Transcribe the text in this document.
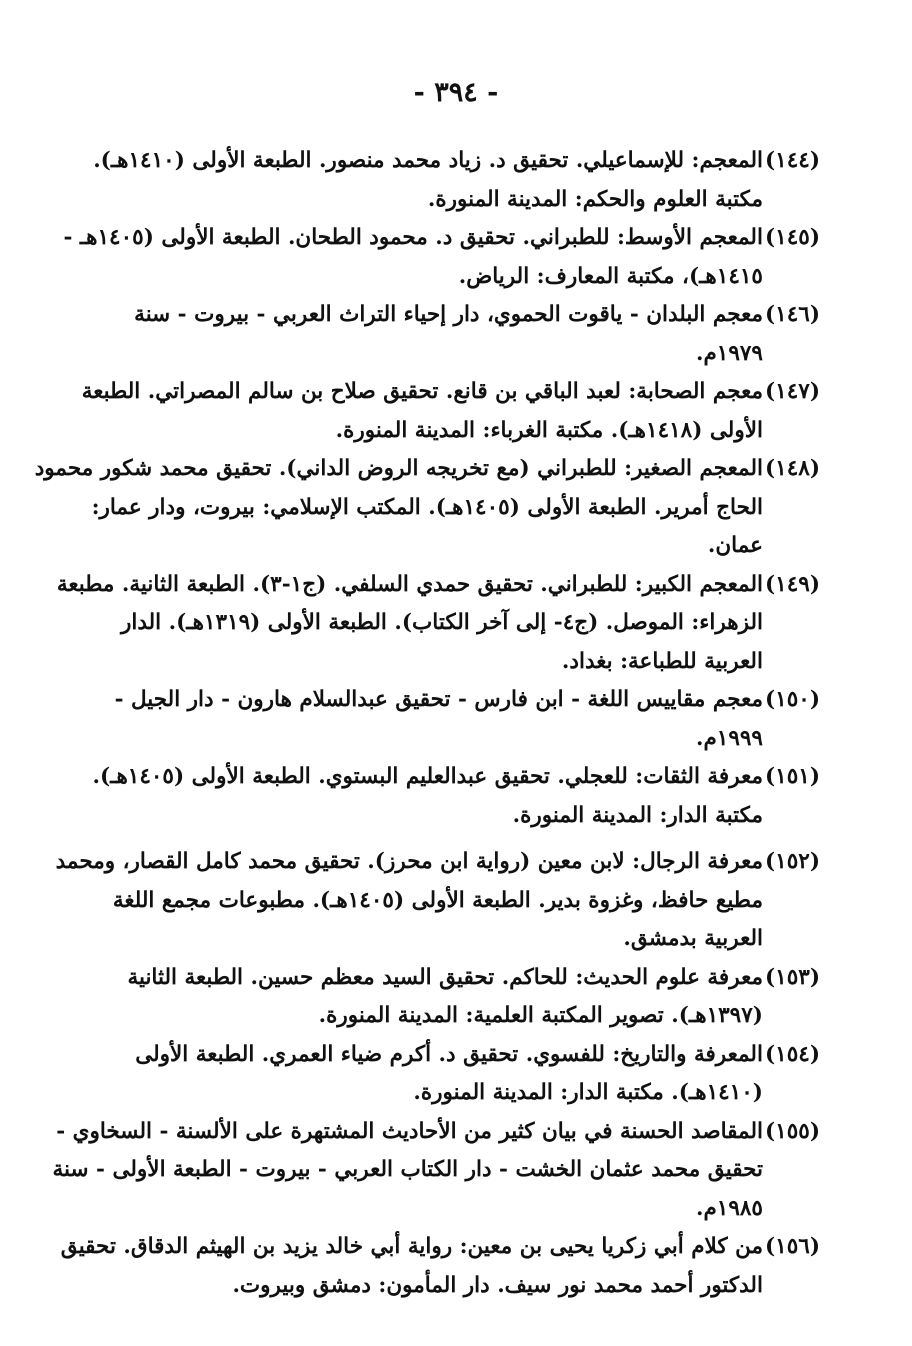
- ٣٩٤ -
(١٤٤)
المعجم: للإسماعيلي. تحقيق د. زياد محمد منصور. الطبعة الأولى (١٤١٠هـ).
مكتبة العلوم والحكم: المدينة المنورة.
(١٤٥)
المعجم الأوسط: للطبراني. تحقيق د. محمود الطحان. الطبعة الأولى (١٤٠٥هـ -
١٤١٥هـ)، مكتبة المعارف: الرياض.
(١٤٦)
معجم البلدان - ياقوت الحموي، دار إحياء التراث العربي - بيروت - سنة
١٩٧٩م.
(١٤٧)
معجم الصحابة: لعبد الباقي بن قانع. تحقيق صلاح بن سالم المصراتي. الطبعة
الأولى (١٤١٨هـ). مكتبة الغرباء: المدينة المنورة.
(١٤٨)
المعجم الصغير: للطبراني (مع تخريجه الروض الداني). تحقيق محمد شكور محمود
الحاج أمرير. الطبعة الأولى (١٤٠٥هـ). المكتب الإسلامي: بيروت، ودار عمار:
عمان.
(١٤٩)
المعجم الكبير: للطبراني. تحقيق حمدي السلفي. (ج١-٣). الطبعة الثانية. مطبعة
الزهراء: الموصل. (ج٤- إلى آخر الكتاب). الطبعة الأولى (١٣١٩هـ). الدار
العربية للطباعة: بغداد.
(١٥٠)
معجم مقاييس اللغة - ابن فارس - تحقيق عبدالسلام هارون - دار الجيل -
١٩٩٩م.
(١٥١)
معرفة الثقات: للعجلي. تحقيق عبدالعليم البستوي. الطبعة الأولى (١٤٠٥هـ).
مكتبة الدار: المدينة المنورة.
(١٥٢)
معرفة الرجال: لابن معين (رواية ابن محرز). تحقيق محمد كامل القصار، ومحمد
مطيع حافظ، وغزوة بدير. الطبعة الأولى (١٤٠٥هـ). مطبوعات مجمع اللغة
العربية بدمشق.
(١٥٣)
معرفة علوم الحديث: للحاكم. تحقيق السيد معظم حسين. الطبعة الثانية
(١٣٩٧هـ). تصوير المكتبة العلمية: المدينة المنورة.
(١٥٤)
المعرفة والتاريخ: للفسوي. تحقيق د. أكرم ضياء العمري. الطبعة الأولى
(١٤١٠هـ). مكتبة الدار: المدينة المنورة.
(١٥٥)
المقاصد الحسنة في بيان كثير من الأحاديث المشتهرة على الألسنة - السخاوي -
تحقيق محمد عثمان الخشت - دار الكتاب العربي - بيروت - الطبعة الأولى - سنة
١٩٨٥م.
(١٥٦)
من كلام أبي زكريا يحيى بن معين: رواية أبي خالد يزيد بن الهيثم الدقاق. تحقيق
الدكتور أحمد محمد نور سيف. دار المأمون: دمشق وبيروت.
